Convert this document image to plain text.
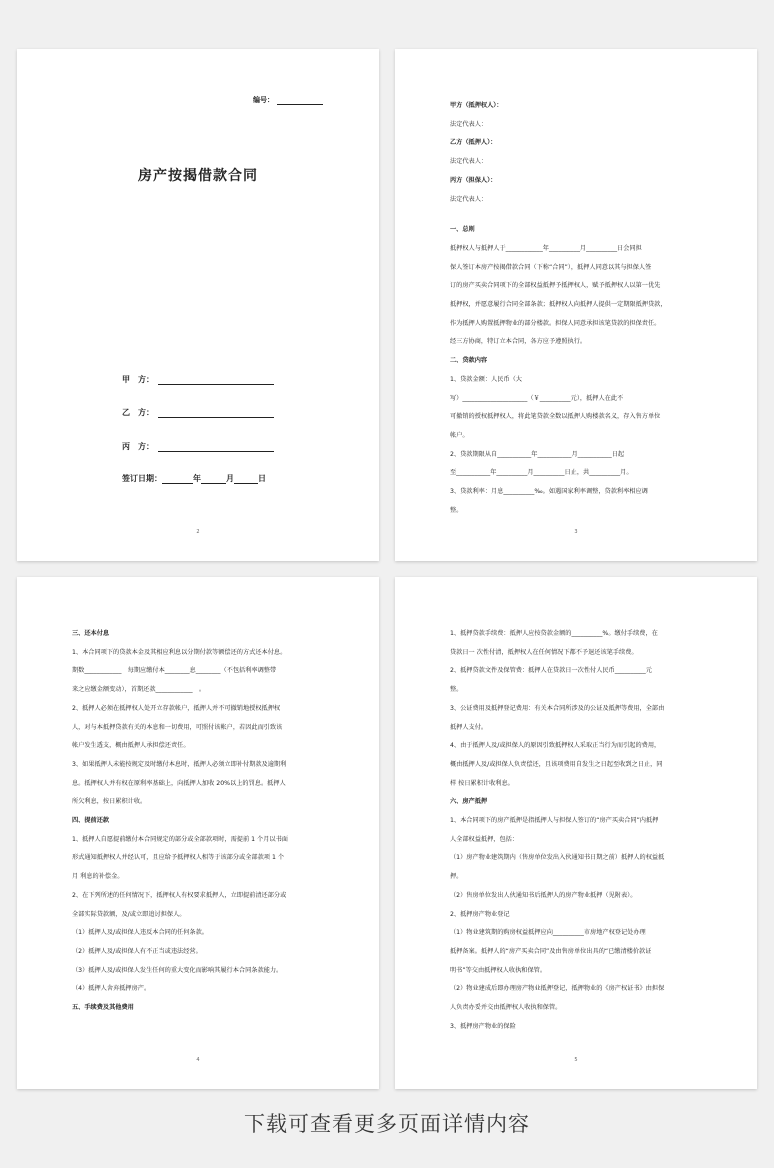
编号：
房产按揭借款合同
甲　方：
乙　方：
丙　方：
签订日期：	年	月	日
2

甲方（抵押权人）：

法定代表人：

乙方（抵押人）：

法定代表人：

丙方（担保人）：

法定代表人：

一、总则

抵押权人与抵押人于____________年__________月__________日会同担

保人签订本房产按揭借款合同（下称“合同”），抵押人同意以其与担保人签

订的房产买卖合同项下的全部权益抵押予抵押权人，赋予抵押权人以第一优先

抵押权，并愿意履行合同全部条款；抵押权人向抵押人提供一定期限抵押贷款，

作为抵押人购置抵押物业的部分楼款。担保人同意承担该笔贷款的担保责任。

经三方协商，特订立本合同，各方应予遵照执行。

二、贷款内容

1、贷款金额：人民币（大

写）_____________________（￥__________元），抵押人在此不

可撤销的授权抵押权人，将此笔贷款全数以抵押人购楼款名义，存入售方单位

帐户。

2、贷款期限从自___________年___________月___________日起

至___________年__________月__________日止，共__________月。

3、贷款利率：月息__________‰。如遇国家利率调整，贷款利率相应调

整。

3

三、还本付息

1、本合同项下的贷款本金及其相应利息以分期付款等额偿还的方式还本付息。

期数____________　每期应缴付本________息________（不包括利率调整带

来之应缴金额变动），首期还款____________　。

2、抵押人必须在抵押权人处开立存款帐户，抵押人并不可撤销地授权抵押权

人，对与本抵押贷款有关的本息和一切费用，可照付该帐户，若因此而引致该

帐户发生透支，概由抵押人承担偿还责任。

3、如果抵押人未能按规定及时缴付本息时，抵押人必须立即补付期款及逾期利

息。抵押权人并有权在原利率基础上，向抵押人加收 20%以上的罚息。抵押人

所欠利息，按日累积计收。

四、提前还款

1、抵押人自愿提前缴付本合同规定的部分或全部款项时，需提前 1 个月以书面

形式通知抵押权人并经认可，且应给予抵押权人相等于该部分或全部款项 1 个

月 利息的补偿金。

2、在下列所述的任何情况下，抵押权人有权要求抵押人，立即提前清还部分或

全部实际贷款额，及/或立即追讨担保人。

（1）抵押人及/或担保人违反本合同的任何条款。

（2）抵押人及/或担保人有不正当或违法经营。

（3）抵押人及/或担保人发生任何的重大变化而影响其履行本合同条款能力。

（4）抵押人舍弃抵押房产。

五、手续费及其他费用

4

1、抵押贷款手续费：抵押人应按贷款金额的__________%。缴付手续费，在

贷款日一 次性付清，抵押权人在任何情况下都不予退还该笔手续费。

2、抵押贷款文件及保管费：抵押人在贷款日一次性付人民币__________元

整。

3、公证费用及抵押登记费用：有关本合同所涉及的公证及抵押等费用，全部由

抵押人支付。

4、由于抵押人及/或担保人的原因引致抵押权人采取正当行为而引起的费用，

概由抵押人及/或担保人负责偿还，且该项费用自发生之日起至收到之日止，同

样 按日累积计收利息。

六、房产抵押

1、本合同项下的房产抵押是指抵押人与担保人签订的“房产买卖合同”内抵押

人全部权益抵押，包括：

（1）房产物业建筑期内（售房单位发出入伙通知书日期之前）抵押人的权益抵

押。

（2）售房单位发出人伙通知书后抵押人的房产物业抵押（见附表）。

2、抵押房产物业登记

（1）物业建筑期的购房权益抵押应向__________市房地产权登记处办理

抵押备案。抵押人的“房产买卖合同”及由售房单位出具的“已缴清楼价款证

明书”等交由抵押权人收执和保管。

（2）物业建成后即办理房产物业抵押登记，抵押物业的《房产权证书》由担保

人负责办妥并交由抵押权人收执和保管。

3、抵押房产物业的保险

5
下载可查看更多页面详情内容
